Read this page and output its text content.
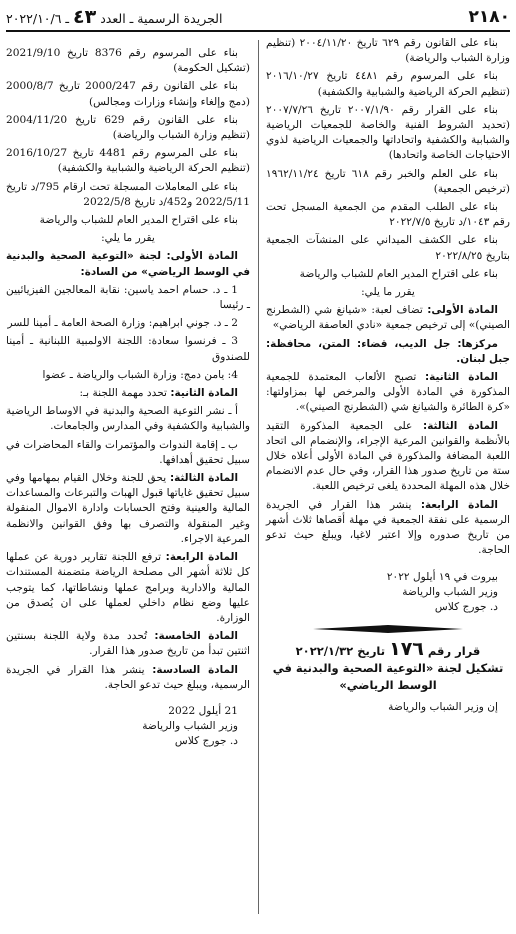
٢١٨٠
الجريدة الرسمية ـ العدد ٤٣ ـ ٢٠٢٢/١٠/٦

بناء على القانون رقم ٦٢٩ تاريخ ٢٠٠٤/١١/٢٠ (تنظيم وزارة الشباب والرياضة)

بناء على المرسوم رقم ٤٤٨١ تاريخ ٢٠١٦/١٠/٢٧ (تنظيم الحركة الرياضية والشبابية والكشفية)

بناء على القرار رقم ٢٠٠٧/١/٩٠ تاريخ ٢٠٠٧/٧/٢٦ (تحديد الشروط الفنية والخاصة للجمعيات الرياضية والشبابية والكشفية واتحاداتها والجمعيات الرياضية لذوي الاحتياجات الخاصة واتحادها)

بناء على العلم والخبر رقم ٦١٨ تاريخ ١٩٦٢/١١/٢٤ (ترخيص الجمعية)

بناء على الطلب المقدم من الجمعية المسجل تحت رقم ١٠٤٣/د تاريخ ٢٠٢٢/٧/٥

بناء على الكشف الميداني على المنشآت الجمعية بتاريخ ٢٠٢٢/٨/٢٥

بناء على اقتراح المدير العام للشباب والرياضة

يقرر ما يلي:

المادة الأولى: تضاف لعبة: «شيانغ شي (الشطرنج الصيني)» إلى ترخيص جمعية «نادي العاصفة الرياضي»

مركزها: جل الديب، قضاء: المتن، محافظة: جبل لبنان.

المادة الثانية: تصبح الألعاب المعتمدة للجمعية المذكورة في المادة الأولى والمرخص لها بمزاولتها: «كرة الطائرة والشيانغ شي (الشطرنج الصيني)».

المادة الثالثة: على الجمعية المذكورة التقيد بالأنظمة والقوانين المرعية الإجراء، والإنضمام الى اتحاد اللعبة المضافة والمذكورة في المادة الأولى أعلاه خلال ستة من تاريخ صدور هذا القرار، وفي حال عدم الانضمام خلال هذه المهلة المحددة يلغى ترخيص اللعبة.

المادة الرابعة: ينشر هذا القرار في الجريدة الرسمية على نفقة الجمعية في مهلة أقصاها ثلاث أشهر من تاريخ صدوره وإلا اعتبر لاغيا، ويبلغ حيث تدعو الحاجة.

بيروت في ١٩ أيلول ٢٠٢٢

وزير الشباب والرياضة

د. جورج كلاس

قرار رقم ١٧٦ تاريخ ٢٠٢٢/١/٣٢
تشكيل لجنة «التوعية الصحية والبدنية في الوسط الرياضي»

إن وزير الشباب والرياضة

بناء على المرسوم رقم 8376 تاريخ 2021/9/10 (تشكيل الحكومة)

بناء على القانون رقم 2000/247 تاريخ 2000/8/7 (دمج وإلغاء وإنشاء وزارات ومجالس)

بناء على القانون رقم 629 تاريخ 2004/11/20 (تنظيم وزارة الشباب والرياضة)

بناء على المرسوم رقم 4481 تاريخ 2016/10/27 (تنظيم الحركة الرياضية والشبابية والكشفية)

بناء على المعاملات المسجلة تحت ارقام 795/د تاريخ 2022/5/11 و452/د تاريخ 2022/5/8

بناء على اقتراح المدير العام للشباب والرياضة

يقرر ما يلي:

المادة الأولى: لجنة «التوعية الصحية والبدنية في الوسط الرياضي» من السادة:

1 ـ د. حسام احمد ياسين: نقابة المعالجين الفيزيائيين ـ رئيسا

2 ـ د. جوني ابراهيم: وزارة الصحة العامة ـ أمينا للسر

3 ـ فرنسوا سعادة: اللجنة الاولمبية اللبنانية ـ أمينا للصندوق

4: يامن دمج: وزارة الشباب والرياضة ـ عضوا

المادة الثانية: تحدد مهمة اللجنة بـ:

أ ـ نشر التوعية الصحية والبدنية في الاوساط الرياضية والشبابية والكشفية وفي المدارس والجامعات.

ب ـ إقامة الندوات والمؤتمرات والقاء المحاضرات في سبيل تحقيق أهدافها.

المادة الثالثة: يحق للجنة وخلال القيام بمهامها وفي سبيل تحقيق غاياتها قبول الهبات والتبرعات والمساعدات المالية والعينية وفتح الحسابات وادارة الاموال المنقولة وغير المنقولة والتصرف بها وفق القوانين والانظمة المرعية الاجراء.

المادة الرابعة: ترفع اللجنة تقارير دورية عن عملها كل ثلاثة أشهر الى مصلحة الرياضة متضمنة المستندات المالية والادارية وبرامج عملها ونشاطاتها، كما يتوجب عليها وضع نظام داخلي لعملها على ان يُصدق من الوزارة.

المادة الخامسة: تُحدد مدة ولاية اللجنة بسنتين اثنتين تبدأ من تاريخ صدور هذا القرار.

المادة السادسة: ينشر هذا القرار في الجريدة الرسمية، ويبلغ حيث تدعو الحاجة.

21 أيلول 2022

وزير الشباب والرياضة

د. جورج كلاس
